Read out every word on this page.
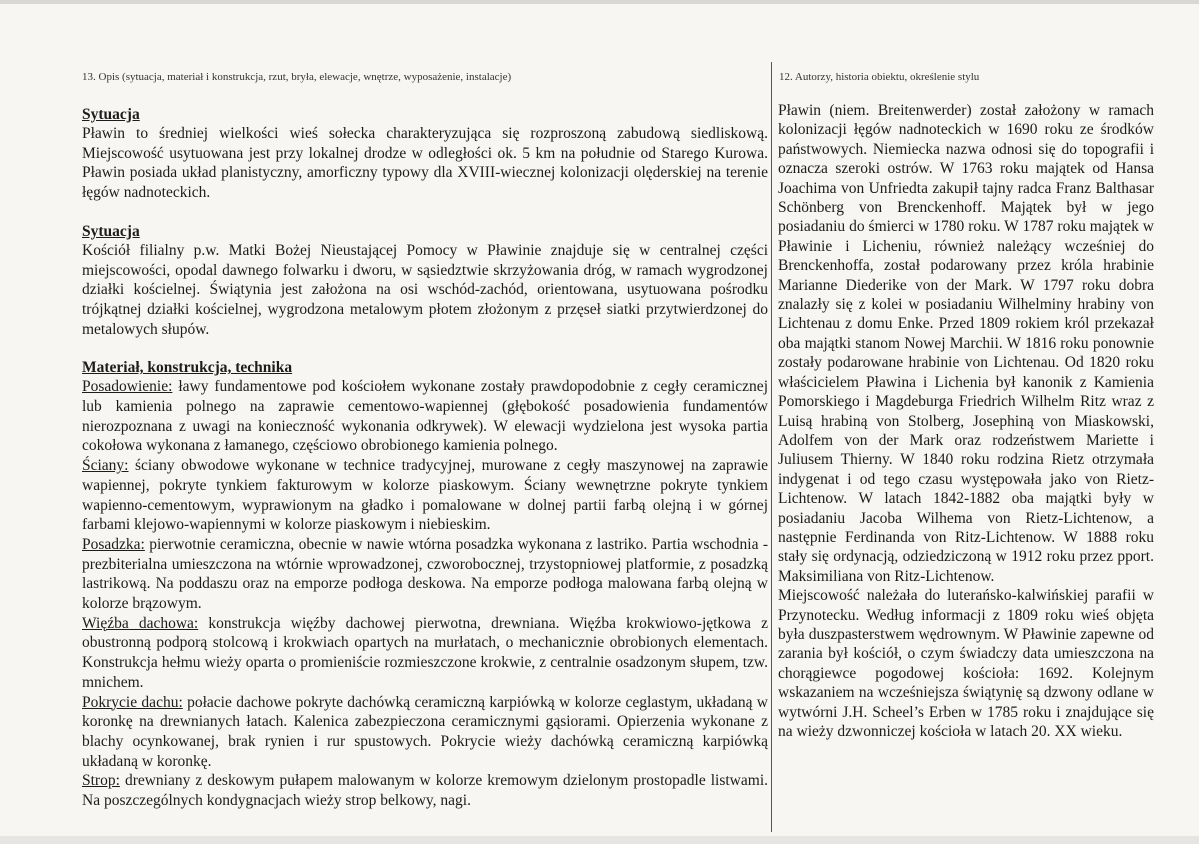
13. Opis (sytuacja, materiał i konstrukcja, rzut, bryła, elewacje, wnętrze, wyposażenie, instalacje)

Sytuacja

Pławin to średniej wielkości wieś sołecka charakteryzująca się rozproszoną zabudową siedliskową. Miejscowość usytuowana jest przy lokalnej drodze w odległości ok. 5 km na południe od Starego Kurowa. Pławin posiada układ planistyczny, amorficzny typowy dla XVIII-wiecznej kolonizacji olęderskiej na terenie łęgów nadnoteckich.

Sytuacja

Kościół filialny p.w. Matki Bożej Nieustającej Pomocy w Pławinie znajduje się w centralnej części miejscowości, opodal dawnego folwarku i dworu, w sąsiedztwie skrzyżowania dróg, w ramach wygrodzonej działki kościelnej. Świątynia jest założona na osi wschód-zachód, orientowana, usytuowana pośrodku trójkątnej działki kościelnej, wygrodzona metalowym płotem złożonym z przęseł siatki przytwierdzonej do metalowych słupów.

Materiał, konstrukcja, technika

Posadowienie: ławy fundamentowe pod kościołem wykonane zostały prawdopodobnie z cegły ceramicznej lub kamienia polnego na zaprawie cementowo-wapiennej (głębokość posadowienia fundamentów nierozpoznana z uwagi na konieczność wykonania odkrywek). W elewacji wydzielona jest wysoka partia cokołowa wykonana z łamanego, częściowo obrobionego kamienia polnego.

Ściany: ściany obwodowe wykonane w technice tradycyjnej, murowane z cegły maszynowej na zaprawie wapiennej, pokryte tynkiem fakturowym w kolorze piaskowym. Ściany wewnętrzne pokryte tynkiem wapienno-cementowym, wyprawionym na gładko i pomalowane w dolnej partii farbą olejną i w górnej farbami klejowo-wapiennymi w kolorze piaskowym i niebieskim.

Posadzka: pierwotnie ceramiczna, obecnie w nawie wtórna posadzka wykonana z lastriko. Partia wschodnia - prezbiterialna umieszczona na wtórnie wprowadzonej, czworobocznej, trzystopniowej platformie, z posadzką lastrikową. Na poddaszu oraz na emporze podłoga deskowa. Na emporze podłoga malowana farbą olejną w kolorze brązowym.

Więźba dachowa: konstrukcja więźby dachowej pierwotna, drewniana. Więźba krokwiowo-jętkowa z obustronną podporą stolcową i krokwiach opartych na murłatach, o mechanicznie obrobionych elementach. Konstrukcja hełmu wieży oparta o promieniście rozmieszczone krokwie, z centralnie osadzonym słupem, tzw. mnichem.

Pokrycie dachu: połacie dachowe pokryte dachówką ceramiczną karpiówką w kolorze ceglastym, układaną w koronkę na drewnianych łatach. Kalenica zabezpieczona ceramicznymi gąsiorami. Opierzenia wykonane z blachy ocynkowanej, brak rynien i rur spustowych. Pokrycie wieży dachówką ceramiczną karpiówką układaną w koronkę.

Strop: drewniany z deskowym pułapem malowanym w kolorze kremowym dzielonym prostopadle listwami. Na poszczególnych kondygnacjach wieży strop belkowy, nagi.

12. Autorzy, historia obiektu, określenie stylu

Pławin (niem. Breitenwerder) został założony w ramach kolonizacji łęgów nadnoteckich w 1690 roku ze środków państwowych. Niemiecka nazwa odnosi się do topografii i oznacza szeroki ostrów. W 1763 roku majątek od Hansa Joachima von Unfriedta zakupił tajny radca Franz Balthasar Schönberg von Brenckenhoff. Majątek był w jego posiadaniu do śmierci w 1780 roku. W 1787 roku majątek w Pławinie i Licheniu, również należący wcześniej do Brenckenhoffa, został podarowany przez króla hrabinie Marianne Diederike von der Mark. W 1797 roku dobra znalazły się z kolei w posiadaniu Wilhelminy hrabiny von Lichtenau z domu Enke. Przed 1809 rokiem król przekazał oba majątki stanom Nowej Marchii. W 1816 roku ponownie zostały podarowane hrabinie von Lichtenau. Od 1820 roku właścicielem Pławina i Lichenia był kanonik z Kamienia Pomorskiego i Magdeburga Friedrich Wilhelm Ritz wraz z Luisą hrabiną von Stolberg, Josephiną von Miaskowski, Adolfem von der Mark oraz rodzeństwem Mariette i Juliusem Thierny. W 1840 roku rodzina Rietz otrzymała indygenat i od tego czasu występowała jako von Rietz-Lichtenow. W latach 1842-1882 oba majątki były w posiadaniu Jacoba Wilhema von Rietz-Lichtenow, a następnie Ferdinanda von Ritz-Lichtenow. W 1888 roku stały się ordynacją, odziedziczoną w 1912 roku przez pport. Maksimiliana von Ritz-Lichtenow.

Miejscowość należała do luterańsko-kalwińskiej parafii w Przynotecku. Według informacji z 1809 roku wieś objęta była duszpasterstwem wędrownym. W Pławinie zapewne od zarania był kościół, o czym świadczy data umieszczona na chorągiewce pogodowej kościoła: 1692. Kolejnym wskazaniem na wcześniejsza świątynię są dzwony odlane w wytwórni J.H. Scheel’s Erben w 1785 roku i znajdujące się na wieży dzwonniczej kościoła w latach 20. XX wieku.
